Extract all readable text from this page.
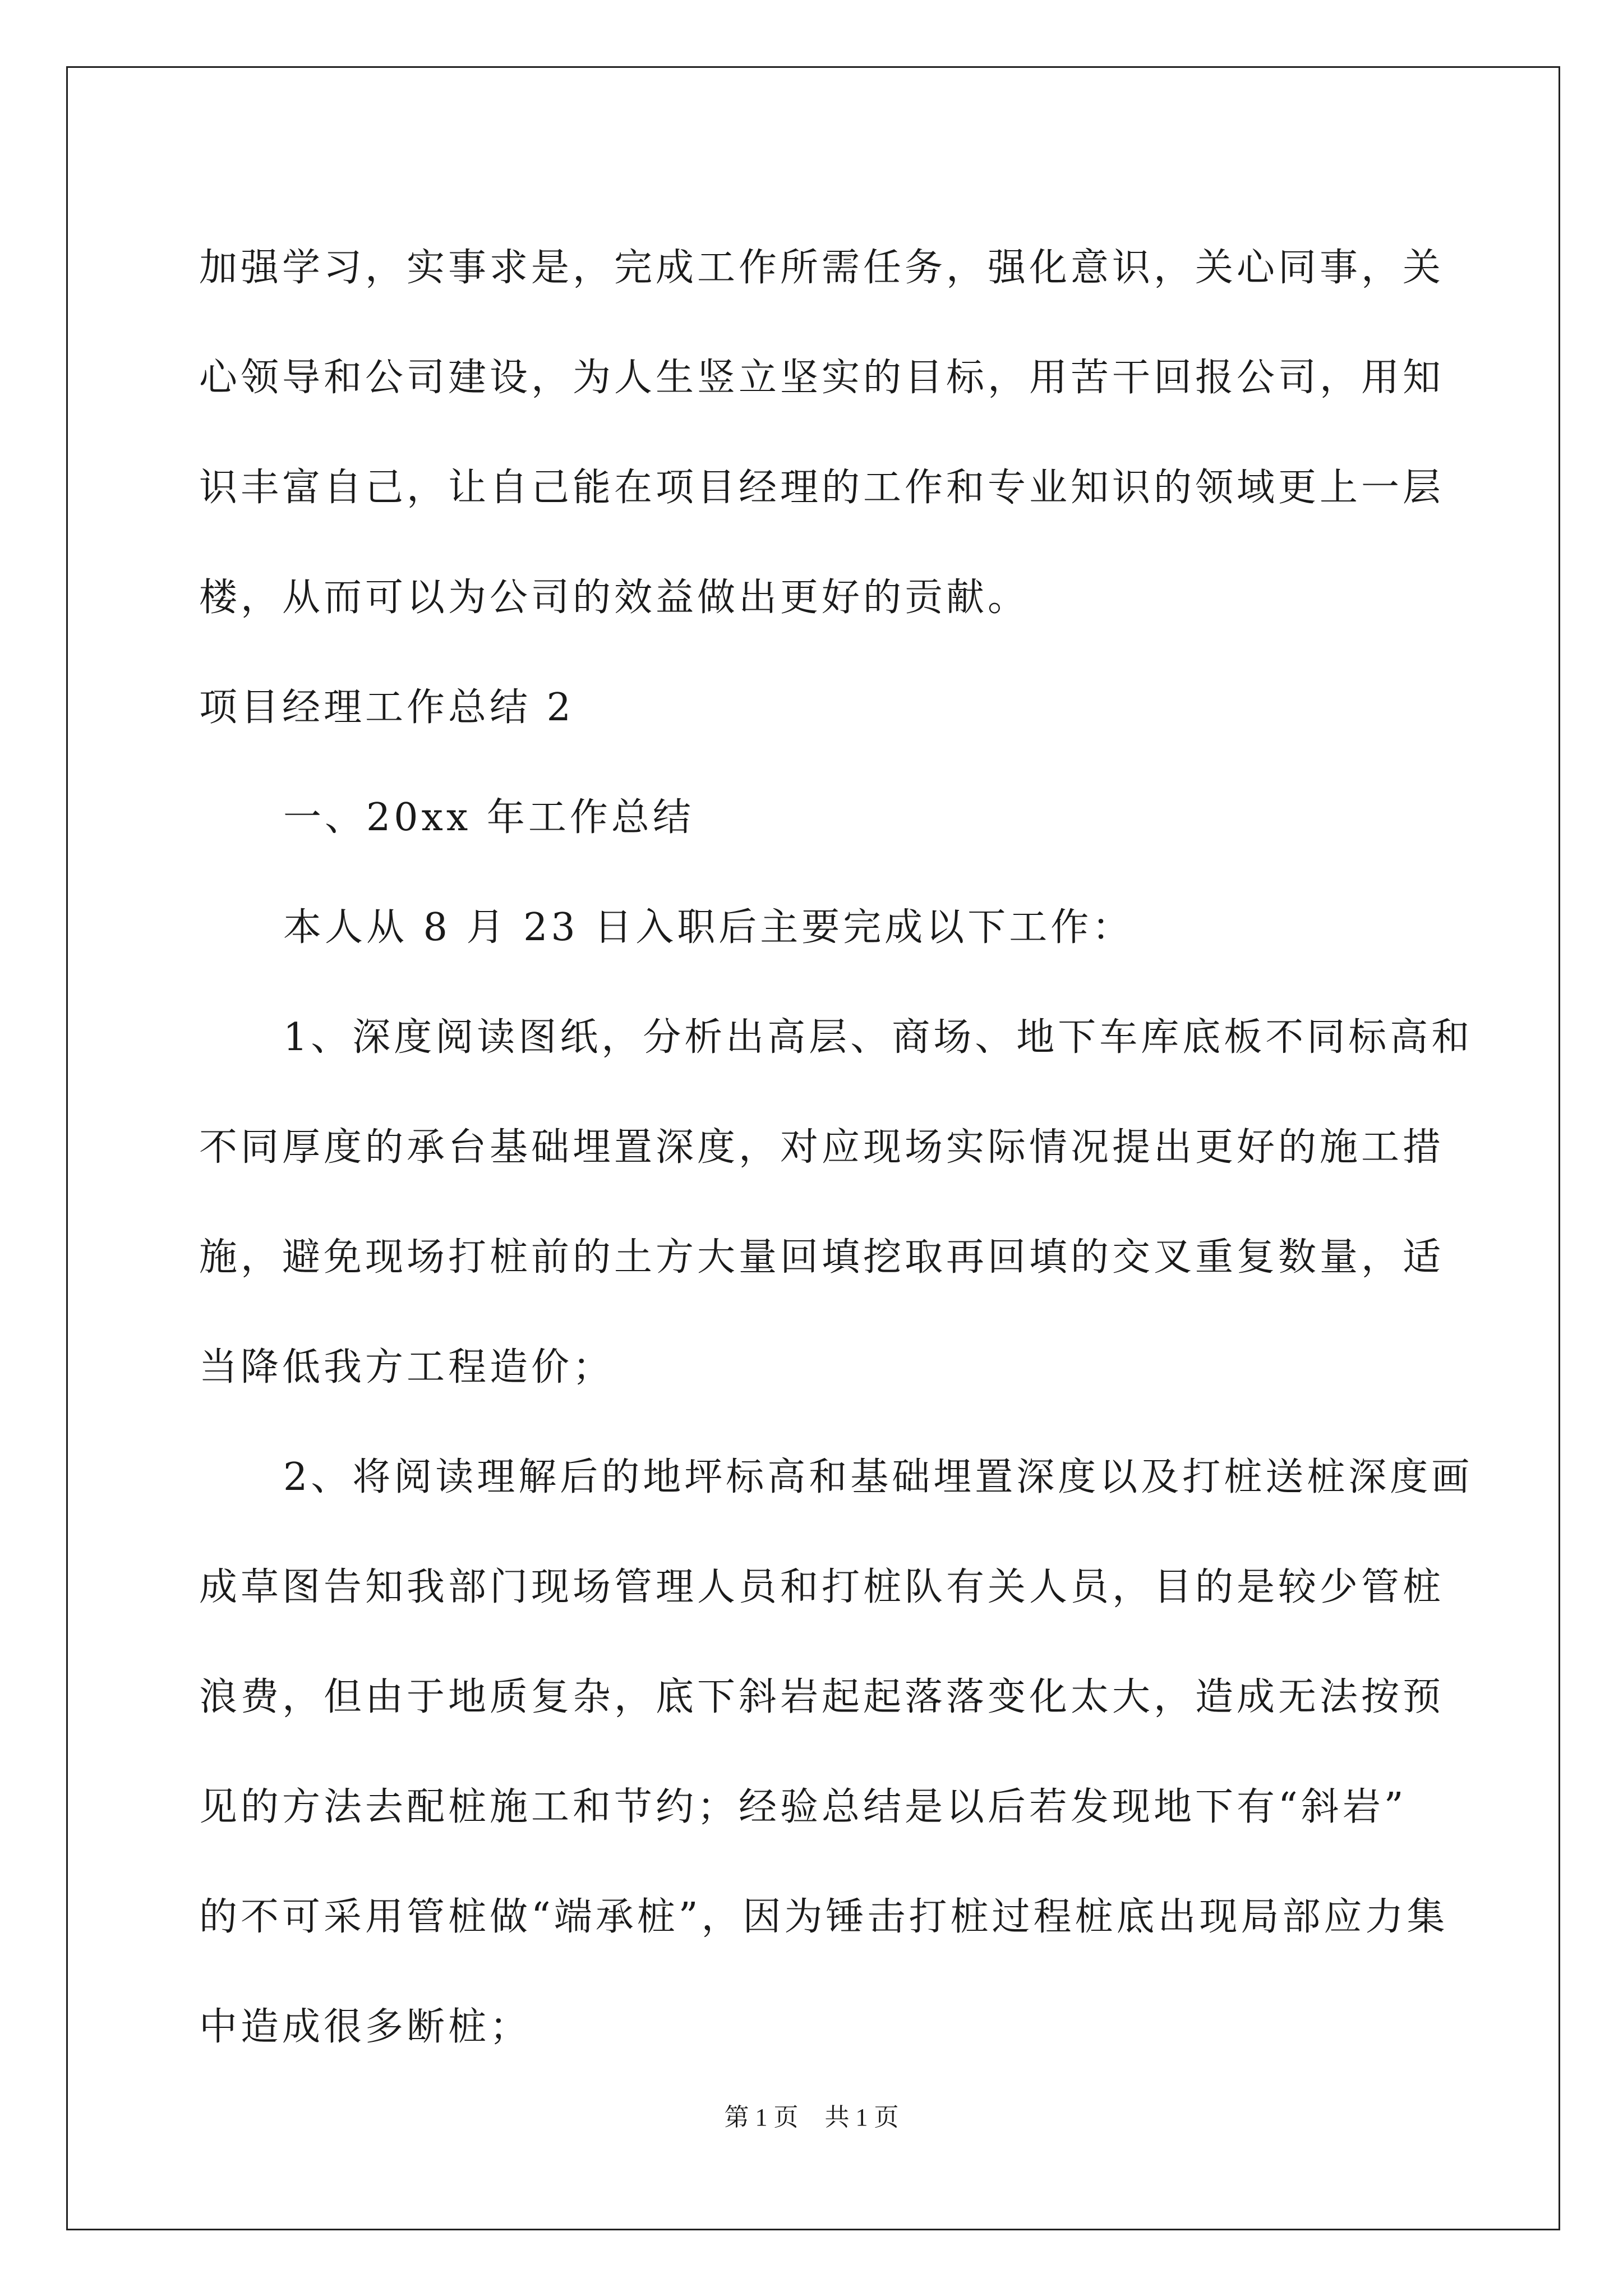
加强学习，实事求是，完成工作所需任务，强化意识，关心同事，关
心领导和公司建设，为人生竖立坚实的目标，用苦干回报公司，用知
识丰富自己，让自己能在项目经理的工作和专业知识的领域更上一层
楼，从而可以为公司的效益做出更好的贡献。
项目经理工作总结 2
一、20xx 年工作总结
本人从 8 月 23 日入职后主要完成以下工作：
1、深度阅读图纸，分析出高层、商场、地下车库底板不同标高和
不同厚度的承台基础埋置深度，对应现场实际情况提出更好的施工措
施，避免现场打桩前的土方大量回填挖取再回填的交叉重复数量，适
当降低我方工程造价；
2、将阅读理解后的地坪标高和基础埋置深度以及打桩送桩深度画
成草图告知我部门现场管理人员和打桩队有关人员，目的是较少管桩
浪费，但由于地质复杂，底下斜岩起起落落变化太大，造成无法按预
见的方法去配桩施工和节约；经验总结是以后若发现地下有“斜岩”
的不可采用管桩做“端承桩”，因为锤击打桩过程桩底出现局部应力集
中造成很多断桩；
第 1 页 共 1 页
